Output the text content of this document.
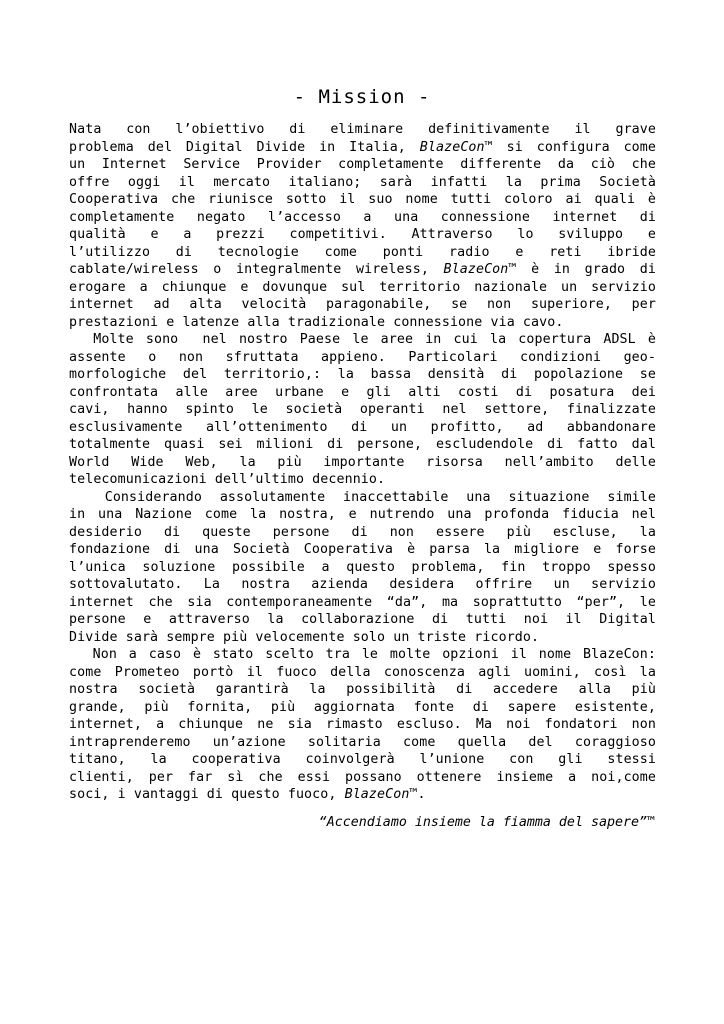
- Mission -
Nata con l’obiettivo di eliminare definitivamente il grave
problema del Digital Divide in Italia, BlazeCon™ si configura come
un Internet Service Provider completamente differente da ciò che
offre oggi il mercato italiano; sarà infatti la prima Società
Cooperativa che riunisce sotto il suo nome tutti coloro ai quali è
completamente negato l’accesso a una connessione internet di
qualità e a prezzi competitivi. Attraverso lo sviluppo e
l’utilizzo di tecnologie come ponti radio e reti ibride
cablate/wireless o integralmente wireless, BlazeCon™ è in grado di
erogare a chiunque e dovunque sul territorio nazionale un servizio
internet ad alta velocità paragonabile, se non superiore, per
prestazioni e latenze alla tradizionale connessione via cavo.
Molte sono  nel nostro Paese le aree in cui la copertura ADSL è
assente o non sfruttata appieno. Particolari condizioni geo-
morfologiche del territorio,: la bassa densità di popolazione se
confrontata alle aree urbane e gli alti costi di posatura dei
cavi, hanno spinto le società operanti nel settore, finalizzate
esclusivamente all’ottenimento di un profitto, ad abbandonare
totalmente quasi sei milioni di persone, escludendole di fatto dal
World Wide Web, la più importante risorsa nell’ambito delle
telecomunicazioni dell’ultimo decennio.
Considerando assolutamente inaccettabile una situazione simile
in una Nazione come la nostra, e nutrendo una profonda fiducia nel
desiderio di queste persone di non essere più escluse, la
fondazione di una Società Cooperativa è parsa la migliore e forse
l’unica soluzione possibile a questo problema, fin troppo spesso
sottovalutato. La nostra azienda desidera offrire un servizio
internet che sia contemporaneamente “da”, ma soprattutto “per”, le
persone e attraverso la collaborazione di tutti noi il Digital
Divide sarà sempre più velocemente solo un triste ricordo.
Non a caso è stato scelto tra le molte opzioni il nome BlazeCon:
come Prometeo portò il fuoco della conoscenza agli uomini, così la
nostra società garantirà la possibilità di accedere alla più
grande, più fornita, più aggiornata fonte di sapere esistente,
internet, a chiunque ne sia rimasto escluso. Ma noi fondatori non
intraprenderemo un’azione solitaria come quella del coraggioso
titano, la cooperativa coinvolgerà l’unione con gli stessi
clienti, per far sì che essi possano ottenere insieme a noi,come
soci, i vantaggi di questo fuoco, BlazeCon™.
“Accendiamo insieme la fiamma del sapere”™
